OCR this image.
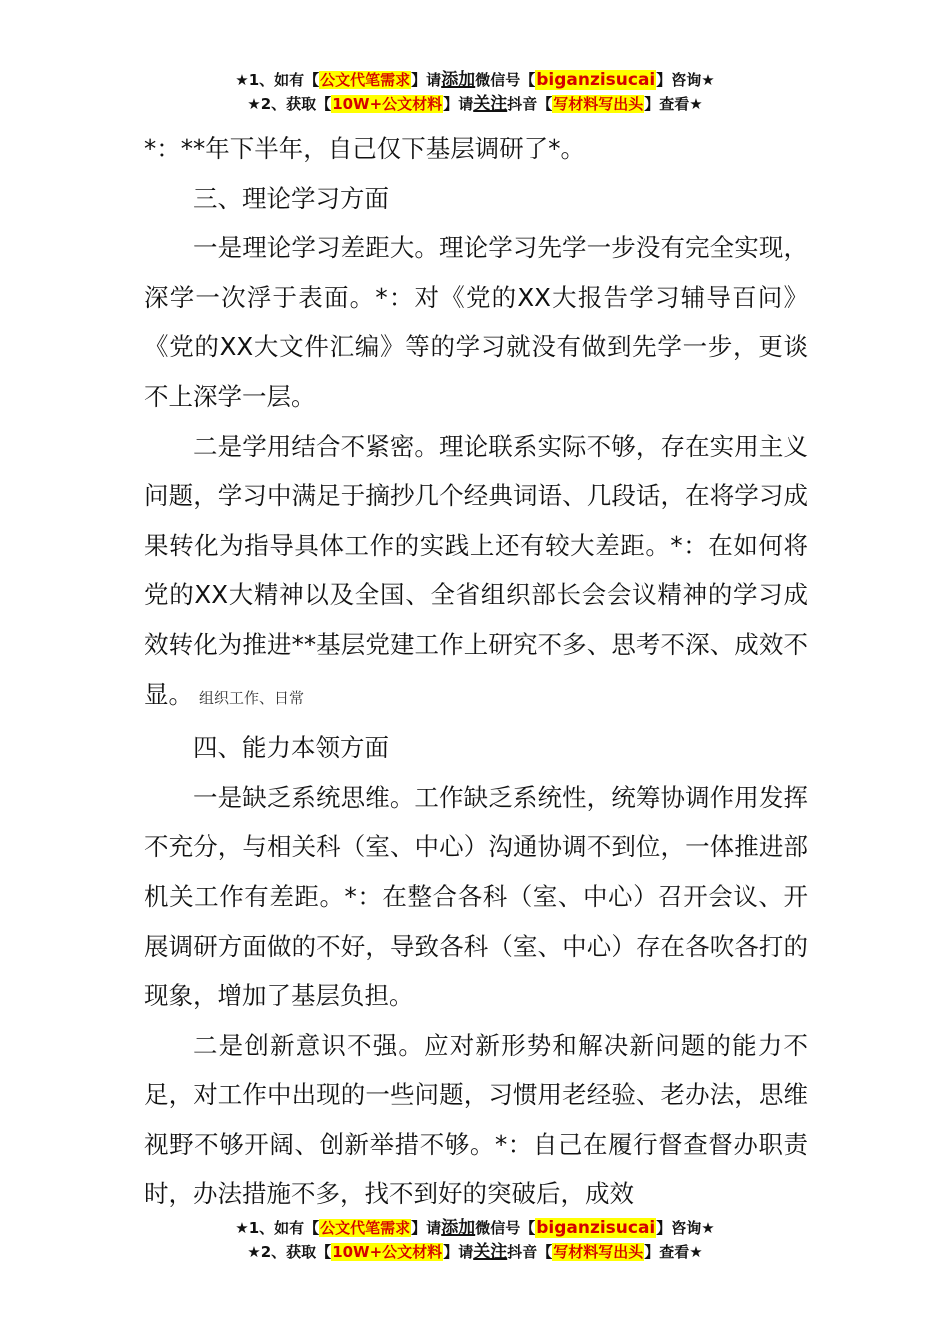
★1、如有【公文代笔需求】请添加微信号【biganzisucai】咨询★
★2、获取【10W+公文材料】请关注抖音【写材料写出头】查看★

*：**年下半年，自己仅下基层调研了*。

三、理论学习方面

一是理论学习差距大。理论学习先学一步没有完全实现，深学一次浮于表面。*：对《党的XX大报告学习辅导百问》《党的XX大文件汇编》等的学习就没有做到先学一步，更谈不上深学一层。

二是学用结合不紧密。理论联系实际不够，存在实用主义问题，学习中满足于摘抄几个经典词语、几段话，在将学习成果转化为指导具体工作的实践上还有较大差距。*：在如何将党的XX大精神以及全国、全省组织部长会会议精神的学习成效转化为推进**基层党建工作上研究不多、思考不深、成效不显。 组织工作、日常

四、能力本领方面

一是缺乏系统思维。工作缺乏系统性，统筹协调作用发挥不充分，与相关科（室、中心）沟通协调不到位，一体推进部机关工作有差距。*：在整合各科（室、中心）召开会议、开展调研方面做的不好，导致各科（室、中心）存在各吹各打的现象，增加了基层负担。

二是创新意识不强。应对新形势和解决新问题的能力不足，对工作中出现的一些问题，习惯用老经验、老办法，思维视野不够开阔、创新举措不够。*：自己在履行督查督办职责时，办法措施不多，找不到好的突破后，成效

★1、如有【公文代笔需求】请添加微信号【biganzisucai】咨询★
★2、获取【10W+公文材料】请关注抖音【写材料写出头】查看★
